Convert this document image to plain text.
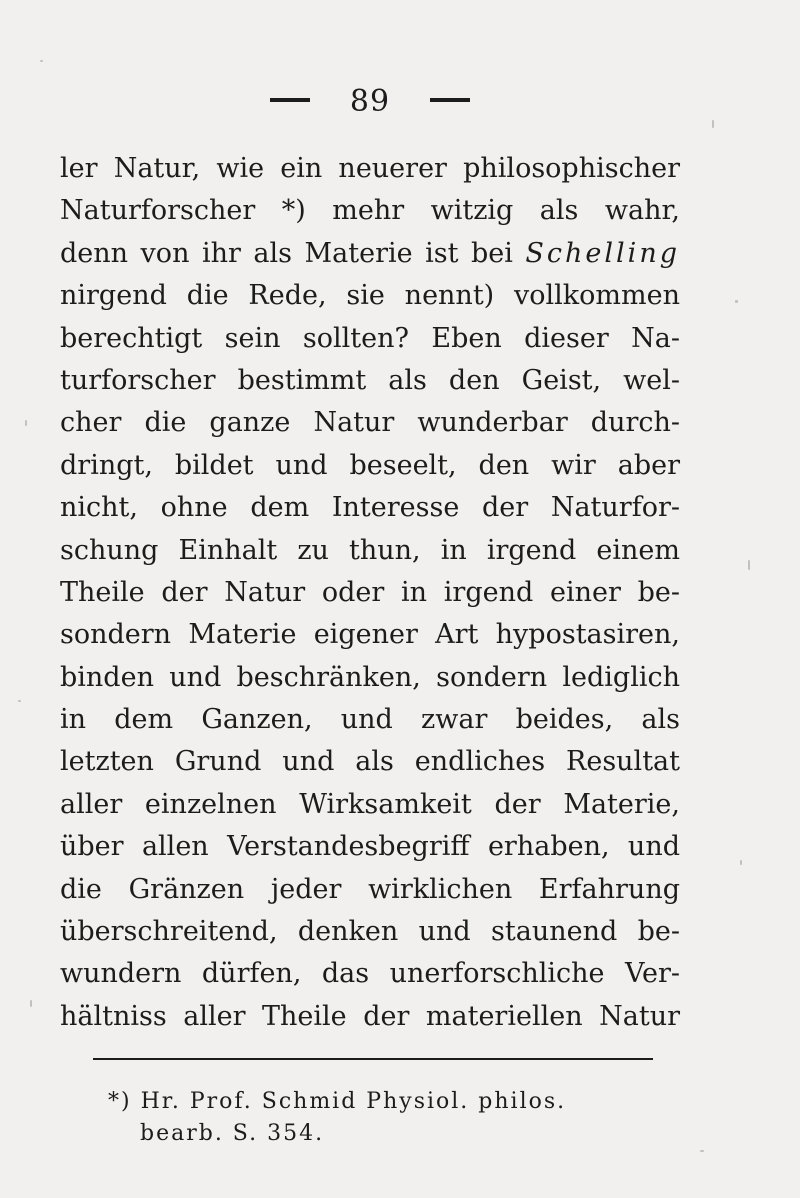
89
ler Natur, wie ein neuerer philosophischer
Naturforscher *) mehr witzig als wahr,
denn von ihr als Materie ist bei Schelling
nirgend die Rede, sie nennt) vollkommen
berechtigt sein sollten? Eben dieser Na-
turforscher bestimmt als den Geist, wel-
cher die ganze Natur wunderbar durch-
dringt, bildet und beseelt, den wir aber
nicht, ohne dem Interesse der Naturfor-
schung Einhalt zu thun, in irgend einem
Theile der Natur oder in irgend einer be-
sondern Materie eigener Art hypostasiren,
binden und beschränken, sondern lediglich
in dem Ganzen, und zwar beides, als
letzten Grund und als endliches Resultat
aller einzelnen Wirksamkeit der Materie,
über allen Verstandesbegriff erhaben, und
die Gränzen jeder wirklichen Erfahrung
überschreitend, denken und staunend be-
wundern dürfen, das unerforschliche Ver-
hältniss aller Theile der materiellen Natur
*) Hr. Prof. Schmid Physiol. philos.
bearb. S. 354.
